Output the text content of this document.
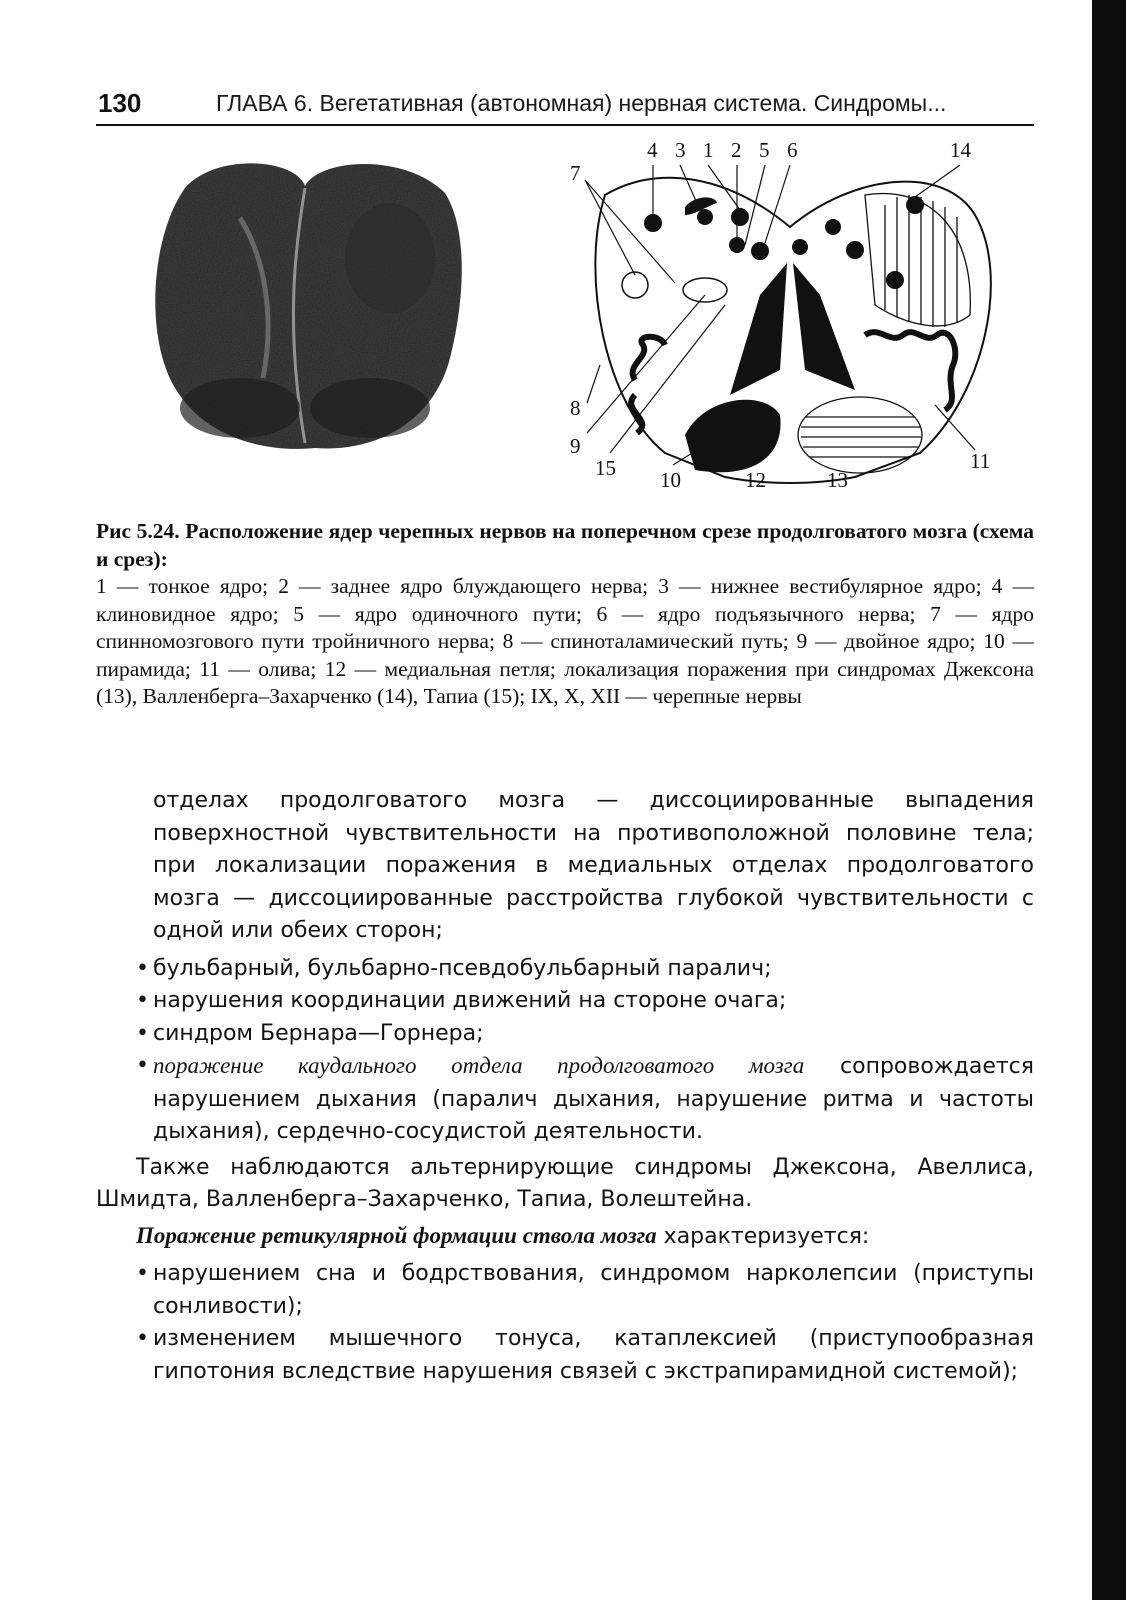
130	ГЛАВА 6. Вегетативная (автономная) нервная система. Синдромы...
4 3 1 2 5 6	14
7
8
9
15 10	12	13
11
Рис 5.24. Расположение ядер черепных нервов на поперечном срезе продолговатого мозга (схема и срез):
1 — тонкое ядро; 2 — заднее ядро блуждающего нерва; 3 — нижнее вестибулярное ядро; 4 — клиновидное ядро; 5 — ядро одиночного пути; 6 — ядро подъязычного нерва; 7 — ядро спинномозгового пути тройничного нерва; 8 — спиноталамический путь; 9 — двойное ядро; 10 — пирамида; 11 — олива; 12 — медиальная петля; локализация поражения при синдромах Джексона (13), Валленберга–Захарченко (14), Тапиа (15); IX, X, XII — черепные нервы

отделах продолговатого мозга — диссоциированные выпадения поверхностной чувствительности на противоположной половине тела; при локализации поражения в медиальных отделах продолговатого мозга — диссоциированные расстройства глубокой чувствительности с одной или обеих сторон;

• бульбарный, бульбарно-псевдобульбарный паралич;
• нарушения координации движений на стороне очага;
• синдром Бернара—Горнера;
• поражение каудального отдела продолговатого мозга сопровождается нарушением дыхания (паралич дыхания, нарушение ритма и частоты дыхания), сердечно-сосудистой деятельности.

Также наблюдаются альтернирующие синдромы Джексона, Авеллиса, Шмидта, Валленберга–Захарченко, Тапиа, Волештейна.

Поражение ретикулярной формации ствола мозга характеризуется:

• нарушением сна и бодрствования, синдромом нарколепсии (приступы сонливости);
• изменением мышечного тонуса, катаплексией (приступообразная гипотония вследствие нарушения связей с экстрапирамидной системой);
